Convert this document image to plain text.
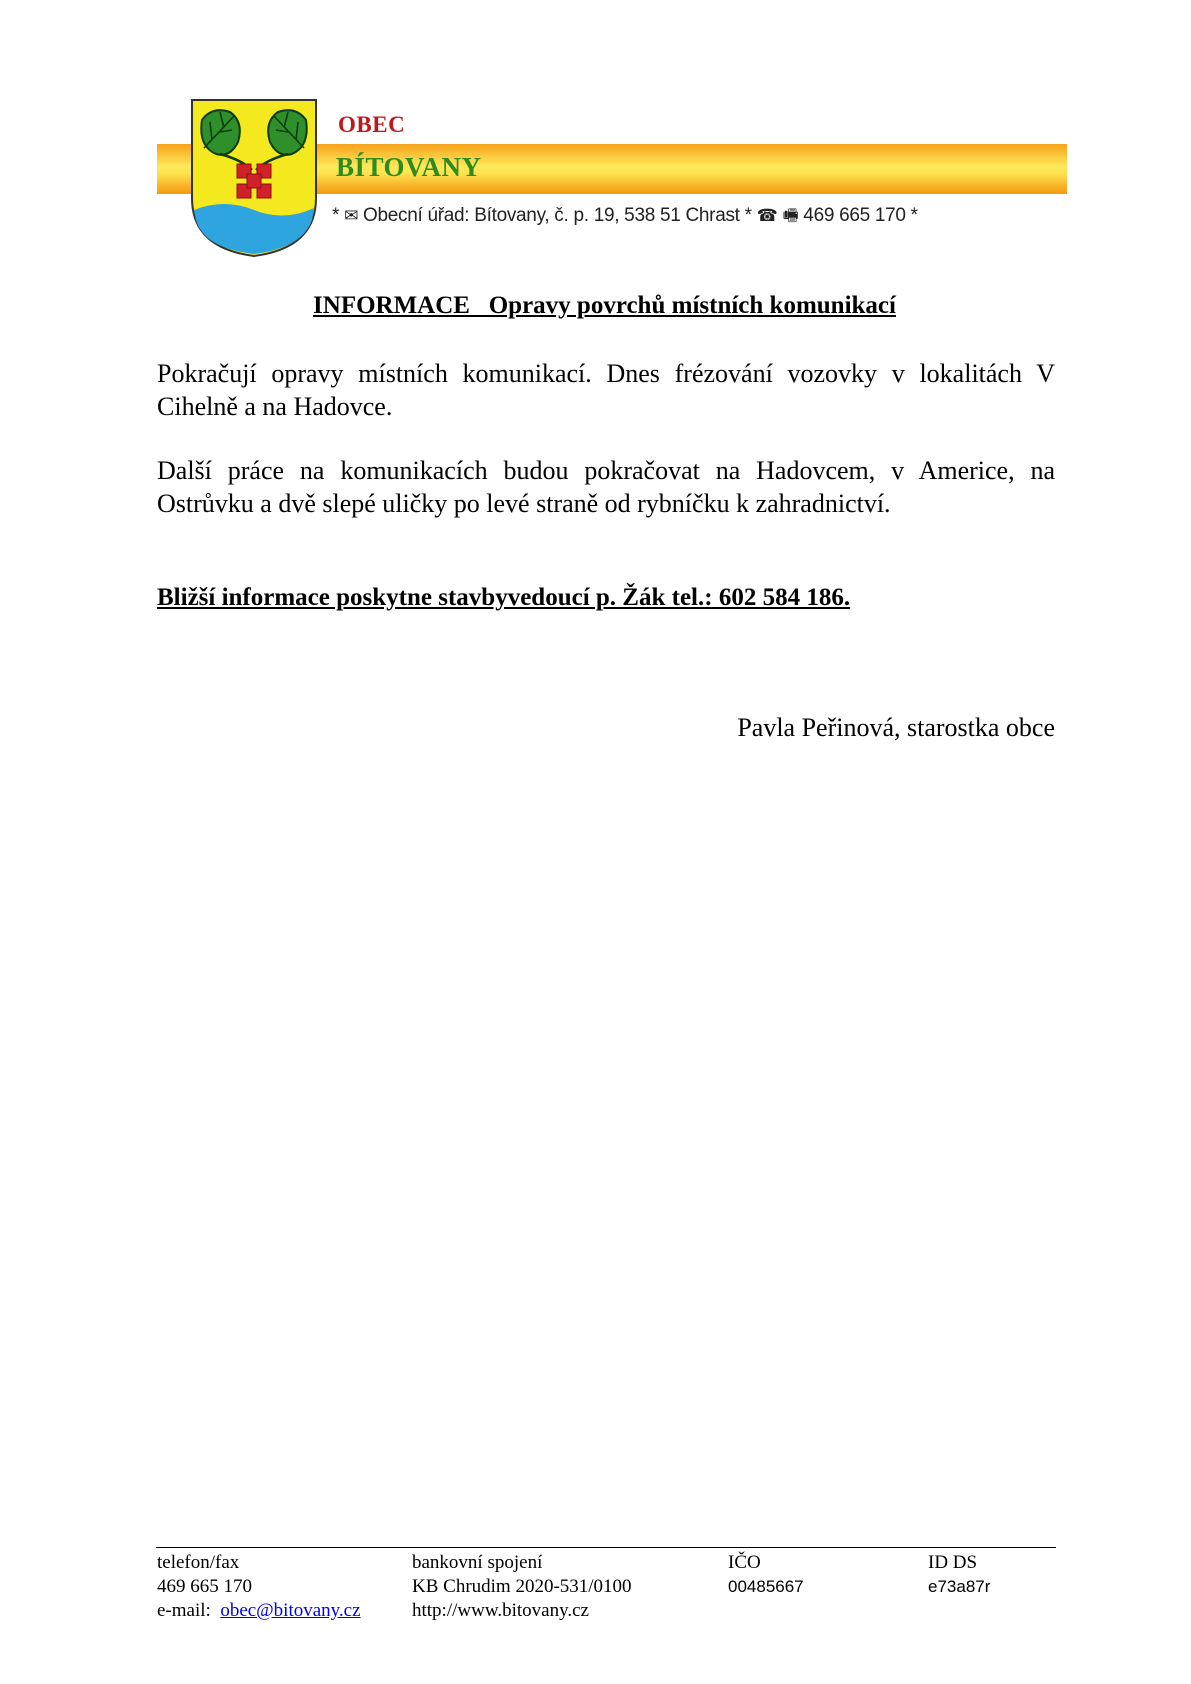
OBEC
BÍTOVANY
* ✉ Obecní úřad: Bítovany, č. p. 19, 538 51 Chrast * ☎ 🖷 469 665 170 *
INFORMACE   Opravy povrchů místních komunikací
Pokračují opravy místních komunikací. Dnes frézování vozovky v lokalitách V Cihelně a na Hadovce.
Další práce na komunikacích budou pokračovat na Hadovcem, v Americe, na Ostrůvku a dvě slepé uličky po levé straně od rybníčku k zahradnictví.
Bližší informace poskytne stavbyvedoucí p. Žák tel.: 602 584 186.
Pavla Peřinová, starostka obce
telefon/fax
469 665 170
e-mail: obec@bitovany.cz
bankovní spojení
KB Chrudim 2020-531/0100
http://www.bitovany.cz
IČO
00485667
ID DS
e73a87r
